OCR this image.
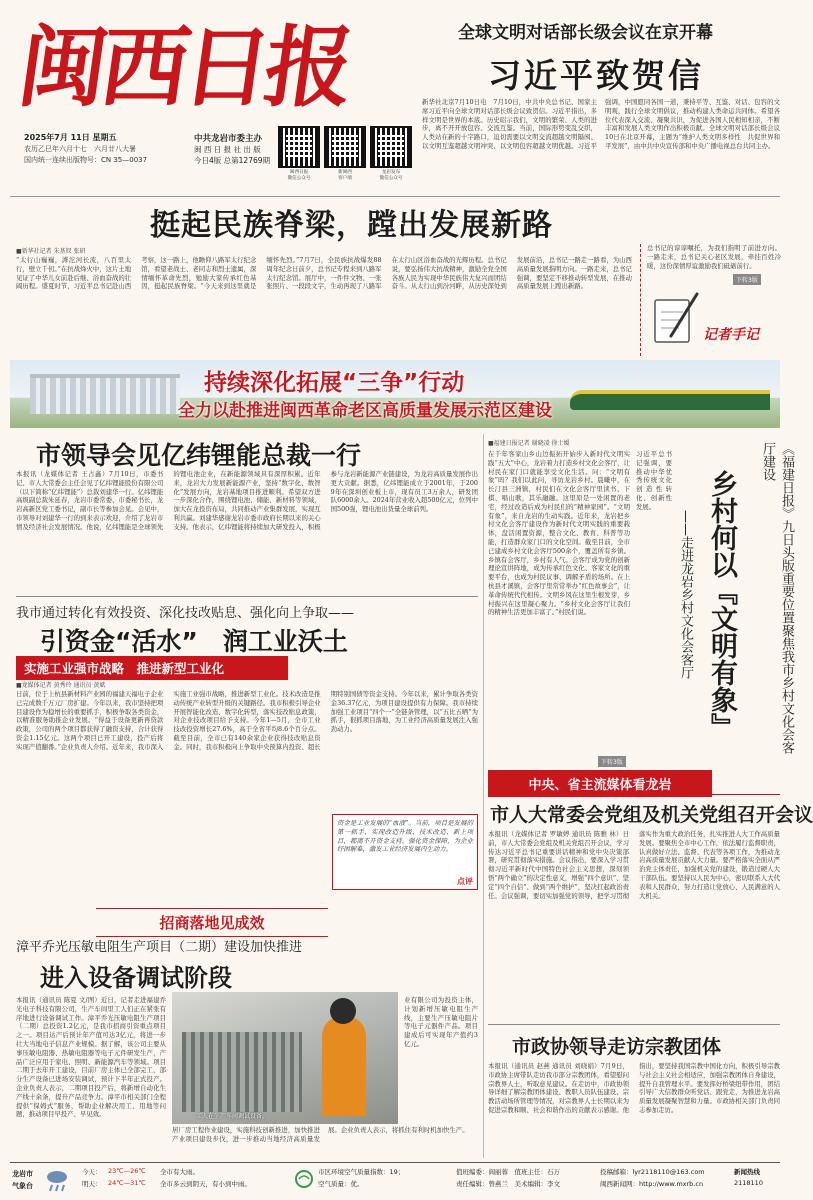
闽西日报
2025年7月 11日 星期五
农历乙巳年六月十七　六月廿八大暑
国内统一连续出版物号：CN 35—0037
中共龙岩市委主办
闽 西 日 报 社 出 版
今日4版 总第12769期
闽西日报
微信公众号
新闽西
客户端
龙岩发布
微信公众号
全球文明对话部长级会议在京开幕
习近平致贺信
新华社北京7月10日电　7月10日，中共中央总书记、国家主席习近平向全球文明对话部长级会议致贺信。习近平指出，多样文明是世界的本底。历史昭示我们，文明的繁荣、人类的进步，离不开开放包容、交流互鉴。当前，国际形势变乱交织，人类站在新的十字路口，迫切需要以文明交流超越文明隔阂、以文明互鉴超越文明冲突、以文明包容超越文明优越。习近平强调，中国愿同各国一道，秉持平等、互鉴、对话、包容的文明观，践行全球文明倡议，推动构建人类命运共同体。希望各位代表深入交流、凝聚共识，为促进各国人民相知相亲，不断丰富和发展人类文明作出积极贡献。全球文明对话部长级会议10日在北京开幕，主题为“维护人类文明多样性　共促世界和平发展”，由中共中央宣传部和中央广播电视总台共同主办。
挺起民族脊梁，蹚出发展新路
■新华社记者 朱基钗 张研
“太行山巍巍，滹沱河长流，八百里太行，壁立千仞。”在抗战烽火中，这片土地见证了中华儿女前赴后继、浴血奋战的壮阔历程。盛夏时节，习近平总书记赴山西考察，这一路上，他瞻仰八路军太行纪念馆，看望老战士、老同志和烈士遗属，深情缅怀革命先烈，勉励大家传承红色基因，挺起民族脊梁。“今天来到这里就是缅怀先烈。”7月7日，全民族抗战爆发88周年纪念日前夕，总书记专程来到八路军太行纪念馆。展厅中，一件件文物、一张张照片、一段段文字，生动再现了八路军在太行山区浴血奋战的光辉历程。总书记说，要弘扬伟大抗战精神，激励全党全国各族人民为实现中华民族伟大复兴而团结奋斗。从太行山到汾河畔，从历史深处到发展前沿，总书记一路走一路看，为山西高质量发展指明方向。一路走来，总书记强调，要坚定不移推动转型发展，在推动高质量发展上蹚出新路。
总书记的谆谆嘱托，为我们指明了前进方向。一路走来，总书记关心老区发展，牵挂百姓冷暖，这份深情厚谊激励我们砥砺前行。
记者手记
下转3版
持续深化拓展“三争”行动
全力以赴推进闽西革命老区高质量发展示范区建设
市领导会见亿纬锂能总裁一行
本报讯（龙媒体记者 王占鑫）7月10日，市委书记、市人大常委会主任会见了亿纬锂能股份有限公司（以下简称“亿纬锂能”）总裁刘建华一行。亿纬锂能高级副总裁朱延春，龙岩市委常委、市委秘书长，龙岩高新区党工委书记，副市长等参加会见。会见中，市领导对刘建华一行的到来表示欢迎，介绍了龙岩市情及经济社会发展情况。他说，亿纬锂能是全球领先的锂电池企业，在新能源领域具有深厚积累。近年来，龙岩大力发展新能源产业，坚持“数字化、数智化”发展方向，龙岩基地项目推进顺利。希望双方进一步深化合作，围绕锂电池、储能、新材料等领域，加大在龙投资布局，共同推动产业集群发展，实现互利共赢。刘建华感谢龙岩市委市政府长期以来的关心支持。他表示，亿纬锂能将持续加大研发投入，积极参与龙岩新能源产业链建设，为龙岩高质量发展作出更大贡献。据悉，亿纬锂能成立于2001年，于2009年在深圳创业板上市，现有员工3万余人，研发团队6000余人。2024年营业收入超500亿元，位列中国500强，锂电池出货量全球前列。
我市通过转化有效投资、深化技改贴息、强化向上争取——
引资金“活水”　润工业沃土
实施工业强市战略　推进新型工业化
■龙媒体记者 黄秀玲 通讯员 黄斌
日前，位于上杭县新材料产业园的福建天福电子企业已完成数千万元厂房扩建。今年以来，我市坚持把项目建设作为稳增长的重要抓手，积极争取各类资金，以精准服务助推企业发展。“得益于设备更新再贷款政策，公司的两个项目都获得了融资支持，合计获得资金1.15亿元。这两个项目已开工建设，投产后将实现产值翻番。”企业负责人介绍。近年来，我市深入实施工业强市战略，推进新型工业化。技术改造是推动传统产业转型升级的关键路径。我市积极引导企业开展智能化改造、数字化转型，落实技改贴息政策，对企业技改项目给予支持。今年1—5月，全市工业技改投资增长27.6%，高于全省平均8.6个百分点。截至目前，全市已有140余家企业获得技改贴息资金。同时，我市积极向上争取中央预算内投资、超长期特别国债等资金支持。今年以来，累计争取各类资金36.37亿元，为项目建设提供有力保障。我市持续加强工业项目“四个一”全链条管理，以“五比五晒”为抓手，狠抓项目落地，为工业经济高质量发展注入强劲动力。
资金是工业发展的“血液”。当前，项目是发展的第一抓手，实现改造升级、技术改造、新上项目，都离不开资金支持。强化资金保障，为企业纾困解难，激发工业经济发展内生动力。
点评
招商落地见成效
漳平乔光压敏电阻生产项目（二期）建设加快推进
进入设备调试阶段
本报讯（通讯员 陈夏 文/图）近日，记者走进福建乔光电子科技有限公司，生产车间里工人们正在紧张有序地进行设备调试工作。漳平乔光压敏电阻生产项目（二期）总投资1.2亿元，是我市招商引资重点项目之一。项目达产后预计年产值可达3亿元，将进一步壮大当地电子信息产业规模。据了解，该公司主要从事压敏电阻器、热敏电阻器等电子元件研发生产，产品广泛应用于家电、照明、新能源汽车等领域。项目二期于去年开工建设，目前厂房主体已全部完工，部分生产设备已进场安装调试，预计下半年正式投产。企业负责人表示，二期项目投产后，将新增自动化生产线十余条，提升产品竞争力。漳平市相关部门全程提供“保姆式”服务，帮助企业解决用工、用地等问题，推动项目早投产、早见效。	工人在生产车间调试设备。
居厂房工程作业建设，实施科技创新推进，加快推进产业项目建设步伐，进一步推动当地经济高质量发展。企业负责人表示，将抓住有利时机加快生产。
业有限公司为投资主体，计划新增压敏电阻生产线，主要生产压敏电阻片等电子元器件产品。项目建成后可实现年产值约3亿元。
■福建日报记者 谢晓凌 徐士媛
在千年客家山乡山边振拓开始步入新时代文明实践“五大”中心，龙岩着力打造乡村文化会客厅，让村民在家门口就能享受文化生活。问：“文明有象”吗？我们以此问，寻访龙岩乡村。晨曦中，在长汀县三洲镇，村民们在文化会客厅里读书、下棋、唱山歌，其乐融融。这里原是一处闲置的老宅，经过改造后成为村民们的“精神家园”。“文明有象”，来自龙岩的生动实践。近年来，龙岩把乡村文化会客厅建设作为新时代文明实践的重要载体，盘活闲置资源，整合文化、教育、科普等功能，打造群众家门口的文化空间。截至目前，全市已建成乡村文化会客厅500余个，覆盖所有乡镇。乡镇有会客厅，乡村有人气。会客厅成为党的创新理论宣讲阵地，成为传承红色文化、客家文化的重要平台，也成为村民议事、调解矛盾的场所。在上杭县才溪镇，会客厅里常常举办“红色故事会”，让革命传统代代相传。文明乡风在这里生根发芽，乡村振兴在这里凝心聚力。“乡村文化会客厅让我们的精神生活更加丰富了。”村民们说。	《福建日报》九日头版重要位置聚焦我市乡村文化会客厅建设
乡村何以『文明有象』
——走进龙岩乡村文化会客厅
习近平总书记强调，要推动中华优秀传统文化创造性转化、创新性发展。
下转3版
中央、省主流媒体看龙岩
市人大常委会党组及机关党组召开会议
本报讯（龙媒体记者 罗敏婷 通讯员 陈雅 林）日前，市人大常委会党组及机关党组召开会议，学习传达习近平总书记重要讲话精神和党中央决策部署，研究贯彻落实措施。会议指出，要深入学习贯彻习近平新时代中国特色社会主义思想，深刻领悟“两个确立”的决定性意义，增强“四个意识”、坚定“四个自信”、做到“两个维护”，坚决扛起政治责任。会议强调，要切实加强党的领导，把学习贯彻落实作为重大政治任务，扎实推进人大工作高质量发展。要聚焦全市中心工作，依法履行监督职责，认真做好立法、监督、代表等各项工作，为推动龙岩高质量发展贡献人大力量。要严格落实全面从严治党主体责任，加强机关党的建设，锻造过硬人大干部队伍。要坚持以人民为中心，密切联系人大代表和人民群众，努力打造让党放心、人民满意的人大机关。
市政协领导走访宗教团体
本报讯（通讯员 赵燕 通讯员 刘晓娟）7月9日，市政协主席带队走访我市部分宗教团体，看望慰问宗教界人士，听取意见建议。在走访中，市政协领导详细了解宗教团体建设、教职人员队伍建设、宗教活动场所管理等情况，对宗教界人士长期以来为促进宗教和顺、社会和谐作出的贡献表示感谢。他指出，要坚持我国宗教中国化方向，积极引导宗教与社会主义社会相适应，加强宗教团体自身建设，提升自我管理水平。要发挥好桥梁纽带作用，团结引导广大信教群众听党话、跟党走，为推进龙岩高质量发展凝聚智慧和力量。市政协相关部门负责同志参加走访。
龙岩市
气象台
今天： 23℃—26℃ 全市有大雨。
明天： 24℃—31℃ 全市多云到阴天，有小到中雨。
市区环境空气质量指数：19；
空气质量：优。
值班编委：阎丽蓉　值班主任：石万
责任编辑：曾燕兰　美术编辑：李文
投稿邮箱：lyr2118110@163.com
闽西新闻网：http://www.mxrb.cn
新闻热线
2118110
